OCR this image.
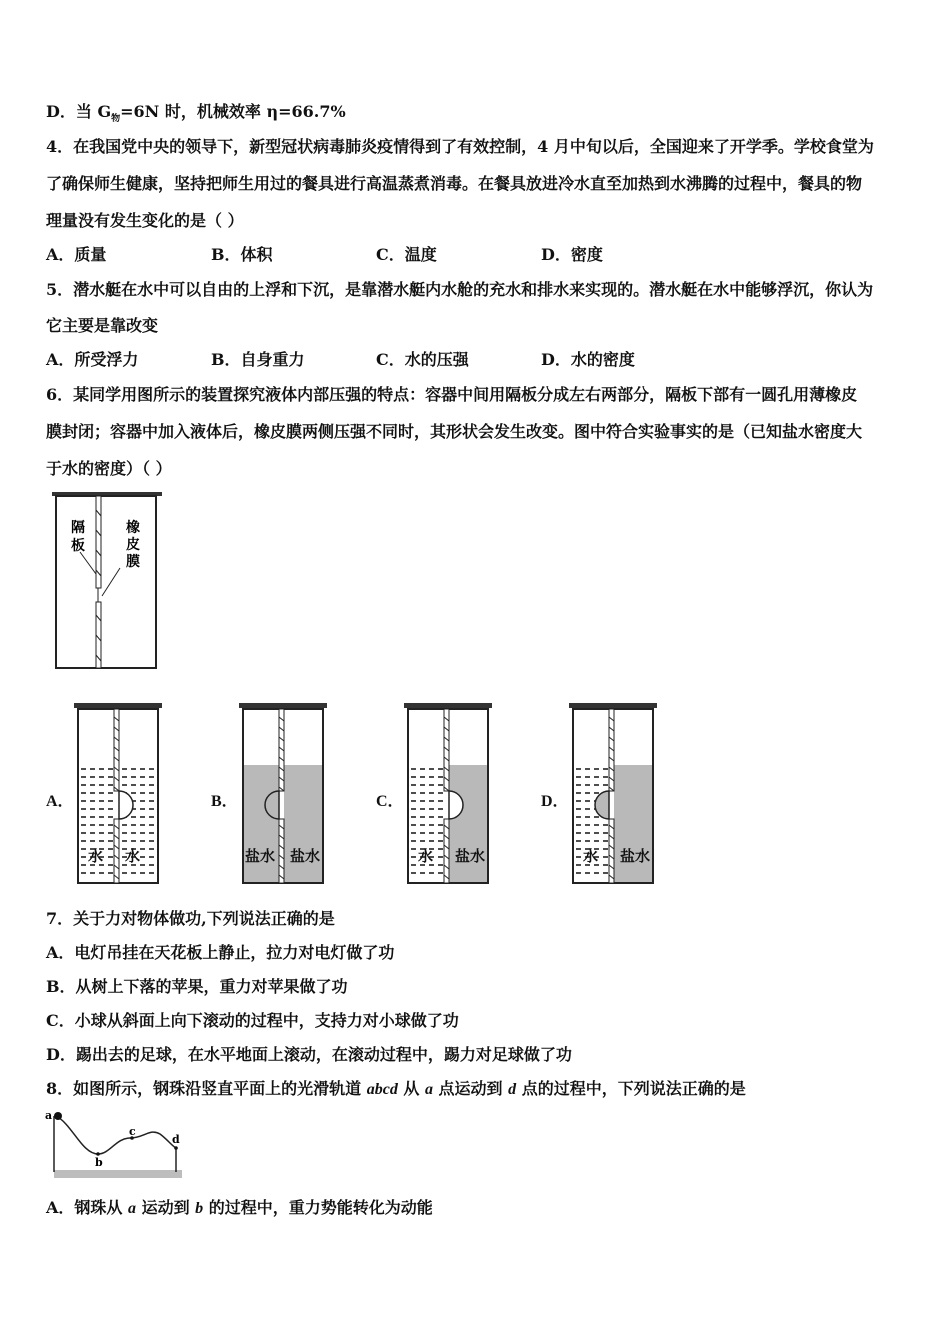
D．当 $G_物=6N$ 时，机械效率 η=66.7%
4．在我国党中央的领导下，新型冠状病毒肺炎疫情得到了有效控制，4 月中旬以后，全国迎来了开学季。学校食堂为
了确保师生健康，坚持把师生用过的餐具进行高温蒸煮消毒。在餐具放进冷水直至加热到水沸腾的过程中，餐具的物
理量没有发生变化的是（ ）
A．质量	B．体积	C．温度	D．密度
5．潜水艇在水中可以自由的上浮和下沉，是靠潜水艇内水舱的充水和排水来实现的。潜水艇在水中能够浮沉，你认为
它主要是靠改变
A．所受浮力	B．自身重力	C．水的压强	D．水的密度
6．某同学用图所示的装置探究液体内部压强的特点：容器中间用隔板分成左右两部分，隔板下部有一圆孔用薄橡皮
膜封闭；容器中加入液体后，橡皮膜两侧压强不同时，其形状会发生改变。图中符合实验事实的是（已知盐水密度大
于水的密度）（ ）
隔
板
橡
皮
膜
A．	B．	C．	D．
水 水	盐水 盐水	水 盐水	水 盐水
7．关于力对物体做功,下列说法正确的是
A．电灯吊挂在天花板上静止，拉力对电灯做了功
B．从树上下落的苹果，重力对苹果做了功
C．小球从斜面上向下滚动的过程中，支持力对小球做了功
D．踢出去的足球，在水平地面上滚动，在滚动过程中，踢力对足球做了功
8．如图所示，钢珠沿竖直平面上的光滑轨道 abcd 从 a 点运动到 d 点的过程中，下列说法正确的是
a
b
c
d
A．钢珠从 a 运动到 b 的过程中，重力势能转化为动能
